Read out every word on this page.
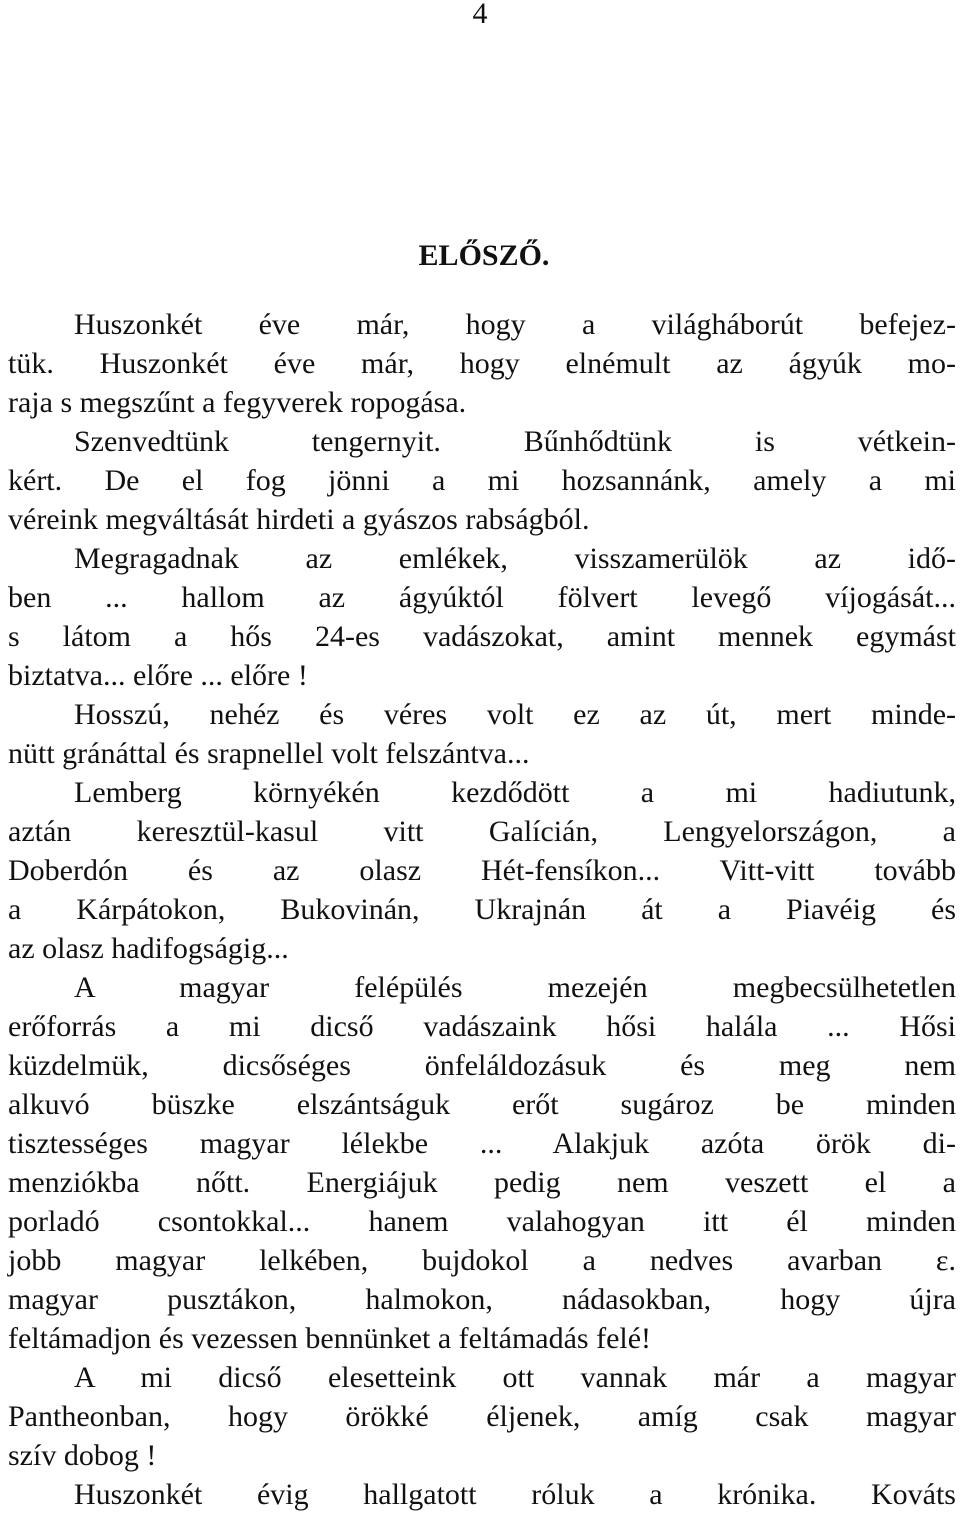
4
ELŐSZŐ.
Huszonkét éve már, hogy a világháborút befejez-
tük. Huszonkét éve már, hogy elnémult az ágyúk mo-
raja s megszűnt a fegyverek ropogása.
Szenvedtünk tengernyit. Bűnhődtünk is vétkein-
kért. De el fog jönni a mi hozsannánk, amely a mi
véreink megváltását hirdeti a gyászos rabságból.
Megragadnak az emlékek, visszamerülök az idő-
ben ... hallom az ágyúktól fölvert levegő víjogását...
s látom a hős 24-es vadászokat, amint mennek egymást
biztatva... előre ... előre !
Hosszú, nehéz és véres volt ez az út, mert minde-
nütt gránáttal és srapnellel volt felszántva...
Lemberg környékén kezdődött a mi hadiutunk,
aztán keresztül-kasul vitt Galícián, Lengyelországon, a
Doberdón és az olasz Hét-fensíkon... Vitt-vitt tovább
a Kárpátokon, Bukovinán, Ukrajnán át a Piavéig és
az olasz hadifogságig...
A magyar felépülés mezején megbecsülhetetlen
erőforrás a mi dicső vadászaink hősi halála ... Hősi
küzdelmük, dicsőséges önfeláldozásuk és meg nem
alkuvó büszke elszántságuk erőt sugároz be minden
tisztességes magyar lélekbe ... Alakjuk azóta örök di-
menziókba nőtt. Energiájuk pedig nem veszett el a
porladó csontokkal... hanem valahogyan itt él minden
jobb magyar lelkében, bujdokol a nedves avarban ε.
magyar pusztákon, halmokon, nádasokban, hogy újra
feltámadjon és vezessen bennünket a feltámadás felé!
A mi dicső elesetteink ott vannak már a magyar
Pantheonban, hogy örökké éljenek, amíg csak magyar
szív dobog !
Huszonkét évig hallgatott róluk a krónika. Kováts
